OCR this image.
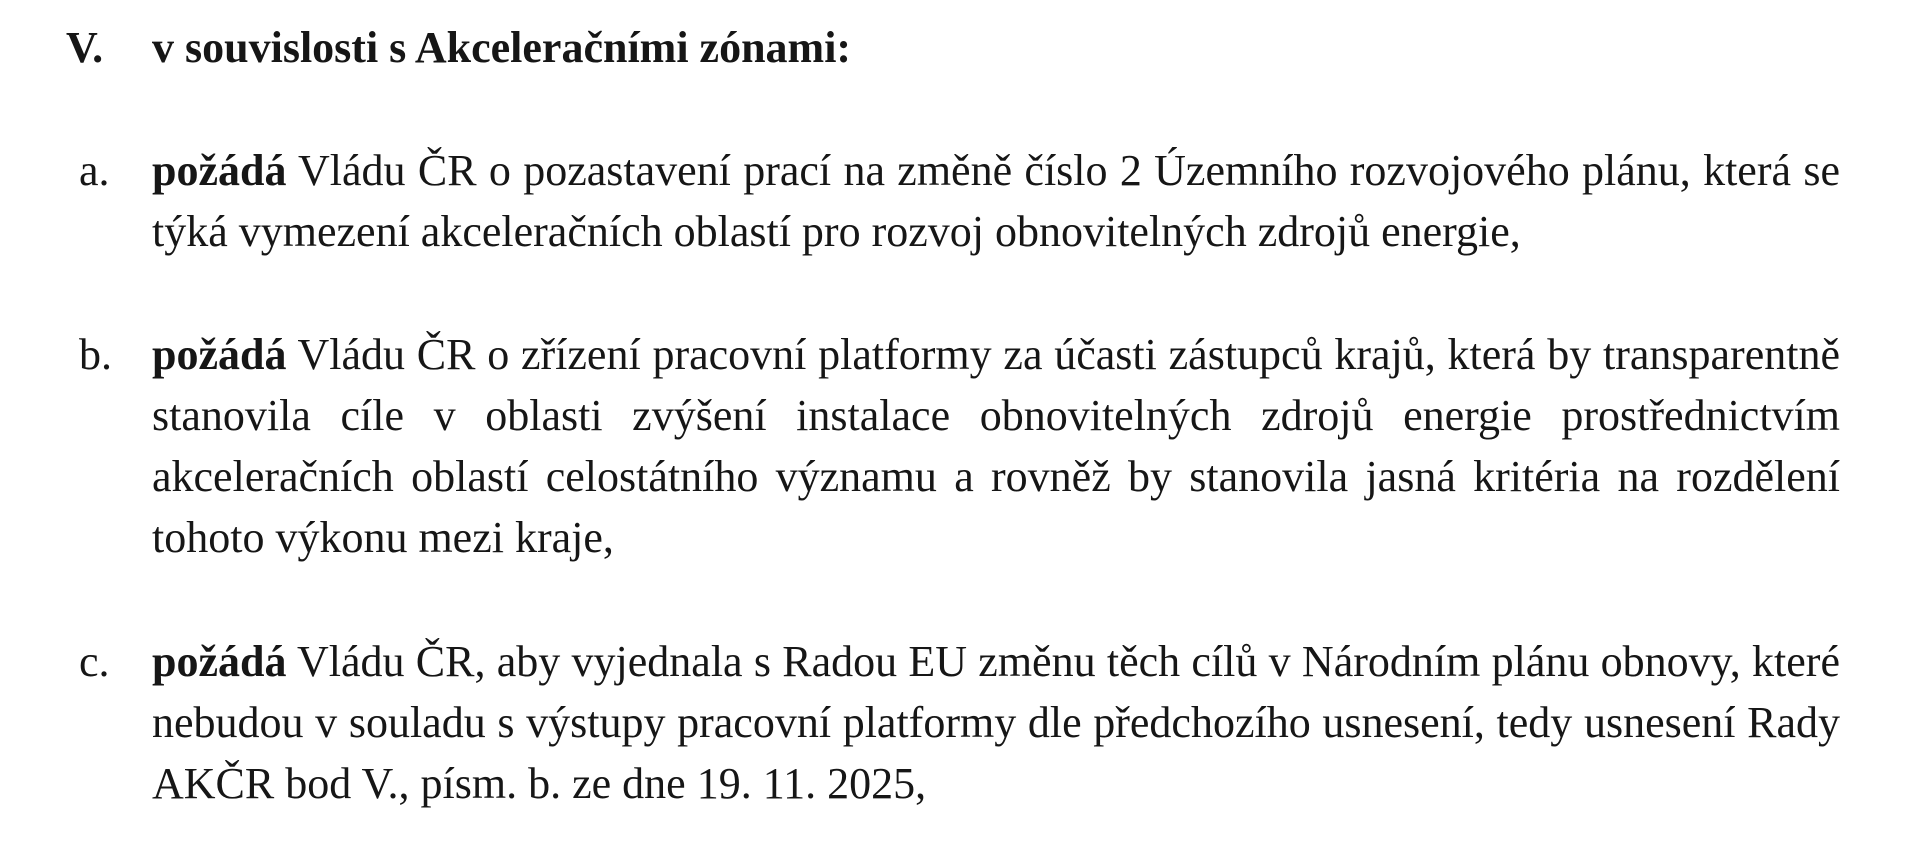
V. v souvislosti s Akceleračními zónami:
a. požádá Vládu ČR o pozastavení prací na změně číslo 2 Územního rozvojového plánu, která se týká vymezení akceleračních oblastí pro rozvoj obnovitelných zdrojů energie,
b. požádá Vládu ČR o zřízení pracovní platformy za účasti zástupců krajů, která by transparentně stanovila cíle v oblasti zvýšení instalace obnovitelných zdrojů energie prostřednictvím akceleračních oblastí celostátního významu a rovněž by stanovila jasná kritéria na rozdělení tohoto výkonu mezi kraje,
c. požádá Vládu ČR, aby vyjednala s Radou EU změnu těch cílů v Národním plánu obnovy, které nebudou v souladu s výstupy pracovní platformy dle předchozího usnesení, tedy usnesení Rady AKČR bod V., písm. b. ze dne 19. 11. 2025,
